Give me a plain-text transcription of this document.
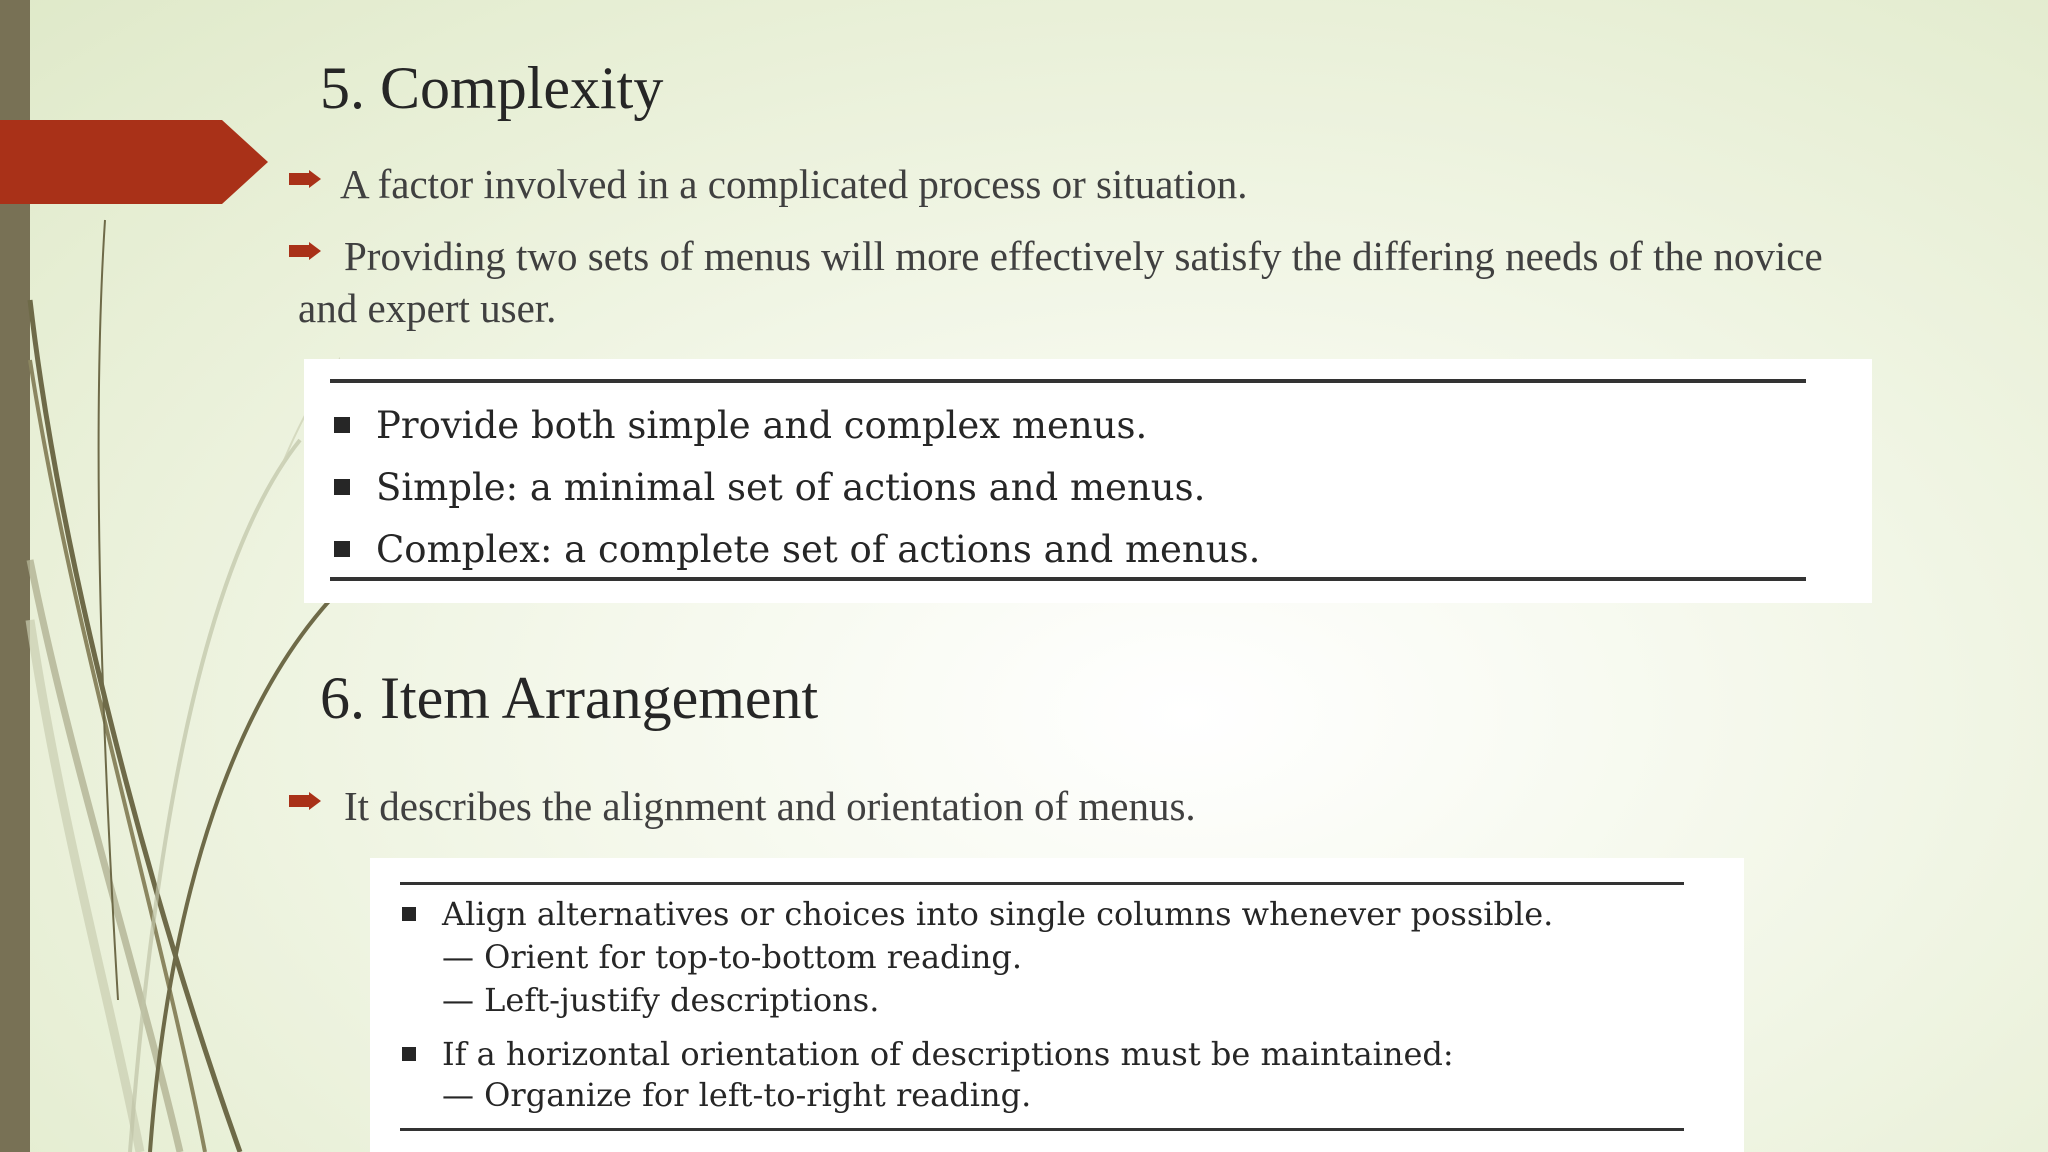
5. Complexity
A factor involved in a complicated process or situation.
Providing two sets of menus will more effectively satisfy the differing needs of the novice
and expert user.
Provide both simple and complex menus.
Simple: a minimal set of actions and menus.
Complex: a complete set of actions and menus.
6. Item Arrangement
It describes the alignment and orientation of menus.
Align alternatives or choices into single columns whenever possible.
— Orient for top-to-bottom reading.
— Left-justify descriptions.
If a horizontal orientation of descriptions must be maintained:
— Organize for left-to-right reading.
